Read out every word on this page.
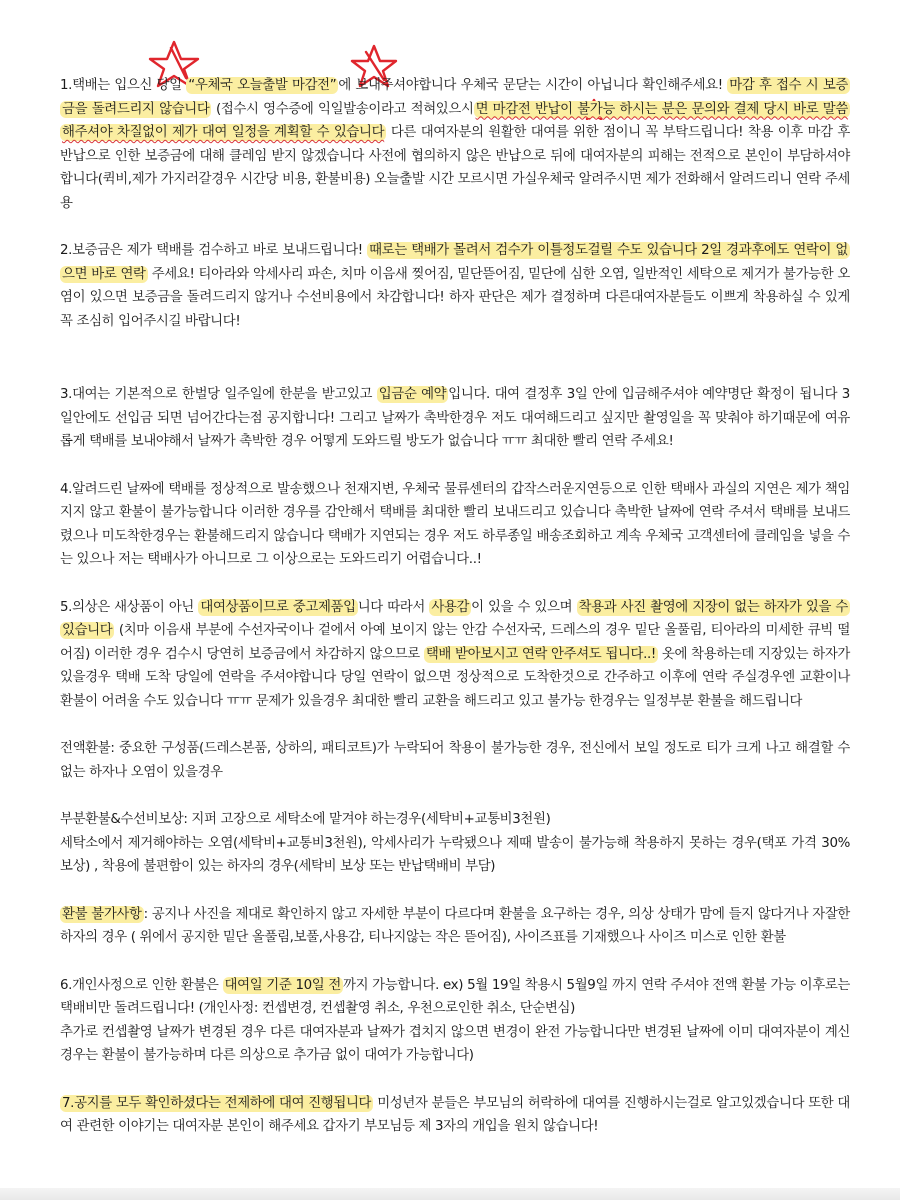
1.택배는 입으신 당일 “우체국 오늘출발 마감전” 에 보내주셔야합니다 우체국 문닫는 시간이 아닙니다 확인해주세요! 마감 후 접수 시 보증금을 돌려드리지 않습니다 (접수시 영수증에 익일발송이라고 적혀있으시 면 마감전 반납이 불가능 하시는 분은 문의와 결제 당시 바로 말씀해주셔야 차질없이 제가 대여 일정을 계획할 수 있습니다 다른 대여자분의 원활한 대여를 위한 점이니 꼭 부탁드립니다! 착용 이후 마감 후 반납으로 인한 보증금에 대해 클레임 받지 않겠습니다 사전에 협의하지 않은 반납으로 뒤에 대여자분의 피해는 전적으로 본인이 부담하셔야합니다(퀵비,제가 가지러갈경우 시간당 비용, 환불비용) 오늘출발 시간 모르시면 가실우체국 알려주시면 제가 전화해서 알려드리니 연락 주세용

2.보증금은 제가 택배를 검수하고 바로 보내드립니다! 때로는 택배가 몰려서 검수가 이틀정도걸릴 수도 있습니다 2일 경과후에도 연락이 없으면 바로 연락 주세요! 티아라와 악세사리 파손, 치마 이음새 찢어짐, 밑단뜯어짐, 밑단에 심한 오염, 일반적인 세탁으로 제거가 불가능한 오염이 있으면 보증금을 돌려드리지 않거나 수선비용에서 차감합니다! 하자 판단은 제가 결정하며 다른대여자분들도 이쁘게 착용하실 수 있게 꼭 조심히 입어주시길 바랍니다!

3.대여는 기본적으로 한벌당 일주일에 한분을 받고있고 입금순 예약 입니다. 대여 결정후 3일 안에 입금해주셔야 예약명단 확정이 됩니다 3일안에도 선입금 되면 넘어간다는점 공지합니다! 그리고 날짜가 촉박한경우 저도 대여해드리고 싶지만 촬영일을 꼭 맞춰야 하기때문에 여유롭게 택배를 보내야해서 날짜가 촉박한 경우 어떻게 도와드릴 방도가 없습니다 ㅠㅠ 최대한 빨리 연락 주세요!

4.알려드린 날짜에 택배를 정상적으로 발송했으나 천재지변, 우체국 물류센터의 갑작스러운지연등으로 인한 택배사 과실의 지연은 제가 책임지지 않고 환불이 불가능합니다 이러한 경우를 감안해서 택배를 최대한 빨리 보내드리고 있습니다 촉박한 날짜에 연락 주셔서 택배를 보내드렸으나 미도착한경우는 환불해드리지 않습니다 택배가 지연되는 경우 저도 하루종일 배송조회하고 계속 우체국 고객센터에 클레임을 넣을 수는 있으나 저는 택배사가 아니므로 그 이상으로는 도와드리기 어렵습니다..!

5.의상은 새상품이 아닌 대여상품이므로 중고제품입 니다 따라서 사용감 이 있을 수 있으며 착용과 사진 촬영에 지장이 없는 하자가 있을 수 있습니다 (치마 이음새 부분에 수선자국이나 겉에서 아예 보이지 않는 안감 수선자국, 드레스의 경우 밑단 올풀림, 티아라의 미세한 큐빅 떨어짐) 이러한 경우 검수시 당연히 보증금에서 차감하지 않으므로 택배 받아보시고 연락 안주셔도 됩니다..! 옷에 착용하는데 지장있는 하자가 있을경우 택배 도착 당일에 연락을 주셔야합니다 당일 연락이 없으면 정상적으로 도착한것으로 간주하고 이후에 연락 주실경우엔 교환이나 환불이 어려울 수도 있습니다 ㅠㅠ 문제가 있을경우 최대한 빨리 교환을 해드리고 있고 불가능 한경우는 일정부분 환불을 해드립니다

전액환불: 중요한 구성품(드레스본품, 상하의, 패티코트)가 누락되어 착용이 불가능한 경우, 전신에서 보일 정도로 티가 크게 나고 해결할 수 없는 하자나 오염이 있을경우

부분환불&수선비보상: 지퍼 고장으로 세탁소에 맡겨야 하는경우(세탁비+교통비3천원)

세탁소에서 제거해야하는 오염(세탁비+교통비3천원), 악세사리가 누락됐으나 제때 발송이 불가능해 착용하지 못하는 경우(택포 가격 30%보상) , 착용에 불편함이 있는 하자의 경우(세탁비 보상 또는 반납택배비 부담)

환불 불가사항 : 공지나 사진을 제대로 확인하지 않고 자세한 부분이 다르다며 환불을 요구하는 경우, 의상 상태가 맘에 들지 않다거나 자잘한 하자의 경우 ( 위에서 공지한 밑단 올풀림,보풀,사용감, 티나지않는 작은 뜯어짐), 사이즈표를 기재했으나 사이즈 미스로 인한 환불

6.개인사정으로 인한 환불은 대여일 기준 10일 전 까지 가능합니다. ex) 5월 19일 착용시 5월9일 까지 연락 주셔야 전액 환불 가능 이후로는 택배비만 돌려드립니다! (개인사정: 컨셉변경, 컨셉촬영 취소, 우천으로인한 취소, 단순변심)

추가로 컨셉촬영 날짜가 변경된 경우 다른 대여자분과 날짜가 겹치지 않으면 변경이 완전 가능합니다만 변경된 날짜에 이미 대여자분이 계신 경우는 환불이 불가능하며 다른 의상으로 추가금 없이 대여가 가능합니다)

7.공지를 모두 확인하셨다는 전제하에 대여 진행됩니다 미성년자 분들은 부모님의 허락하에 대여를 진행하시는걸로 알고있겠습니다 또한 대여 관련한 이야기는 대여자분 본인이 해주세요 갑자기 부모님등 제 3자의 개입을 원치 않습니다!
